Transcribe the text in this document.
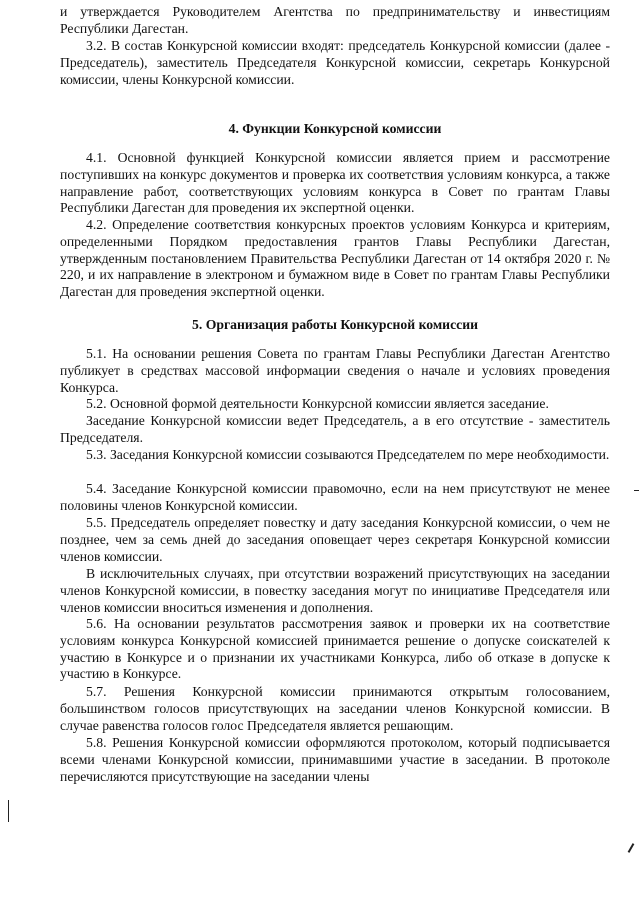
и утверждается Руководителем Агентства по предпринимательству и инвестициям Республики Дагестан.

3.2. В состав Конкурсной комиссии входят: председатель Конкурсной комиссии (далее - Председатель), заместитель Председателя Конкурсной комиссии, секретарь Конкурсной комиссии, члены Конкурсной комиссии.

4. Функции Конкурсной комиссии

4.1. Основной функцией Конкурсной комиссии является прием и рассмотрение поступивших на конкурс документов и проверка их соответствия условиям конкурса, а также направление работ, соответствующих условиям конкурса в Совет по грантам Главы Республики Дагестан для проведения их экспертной оценки.

4.2. Определение соответствия конкурсных проектов условиям Конкурса и критериям, определенными Порядком предоставления грантов Главы Республики Дагестан, утвержденным постановлением Правительства Республики Дагестан от 14 октября 2020 г. № 220, и их направление в электроном и бумажном виде в Совет по грантам Главы Республики Дагестан для проведения экспертной оценки.

5. Организация работы Конкурсной комиссии

5.1. На основании решения Совета по грантам Главы Республики Дагестан Агентство публикует в средствах массовой информации сведения о начале и условиях проведения Конкурса.

5.2. Основной формой деятельности Конкурсной комиссии является заседание.

Заседание Конкурсной комиссии ведет Председатель, а в его отсутствие - заместитель Председателя.

5.3. Заседания Конкурсной комиссии созываются Председателем по мере необходимости.

5.4. Заседание Конкурсной комиссии правомочно, если на нем присутствуют не менее половины членов Конкурсной комиссии.

5.5. Председатель определяет повестку и дату заседания Конкурсной комиссии, о чем не позднее, чем за семь дней до заседания оповещает через секретаря Конкурсной комиссии членов комиссии.

В исключительных случаях, при отсутствии возражений присутствующих на заседании членов Конкурсной комиссии, в повестку заседания могут по инициативе Председателя или членов комиссии вноситься изменения и дополнения.

5.6. На основании результатов рассмотрения заявок и проверки их на соответствие условиям конкурса Конкурсной комиссией принимается решение о допуске соискателей к участию в Конкурсе и о признании их участниками Конкурса, либо об отказе в допуске к участию в Конкурсе.

5.7. Решения Конкурсной комиссии принимаются открытым голосованием, большинством голосов присутствующих на заседании членов Конкурсной комиссии. В случае равенства голосов голос Председателя является решающим.

5.8. Решения Конкурсной комиссии оформляются протоколом, который подписывается всеми членами Конкурсной комиссии, принимавшими участие в заседании. В протоколе перечисляются присутствующие на заседании члены
